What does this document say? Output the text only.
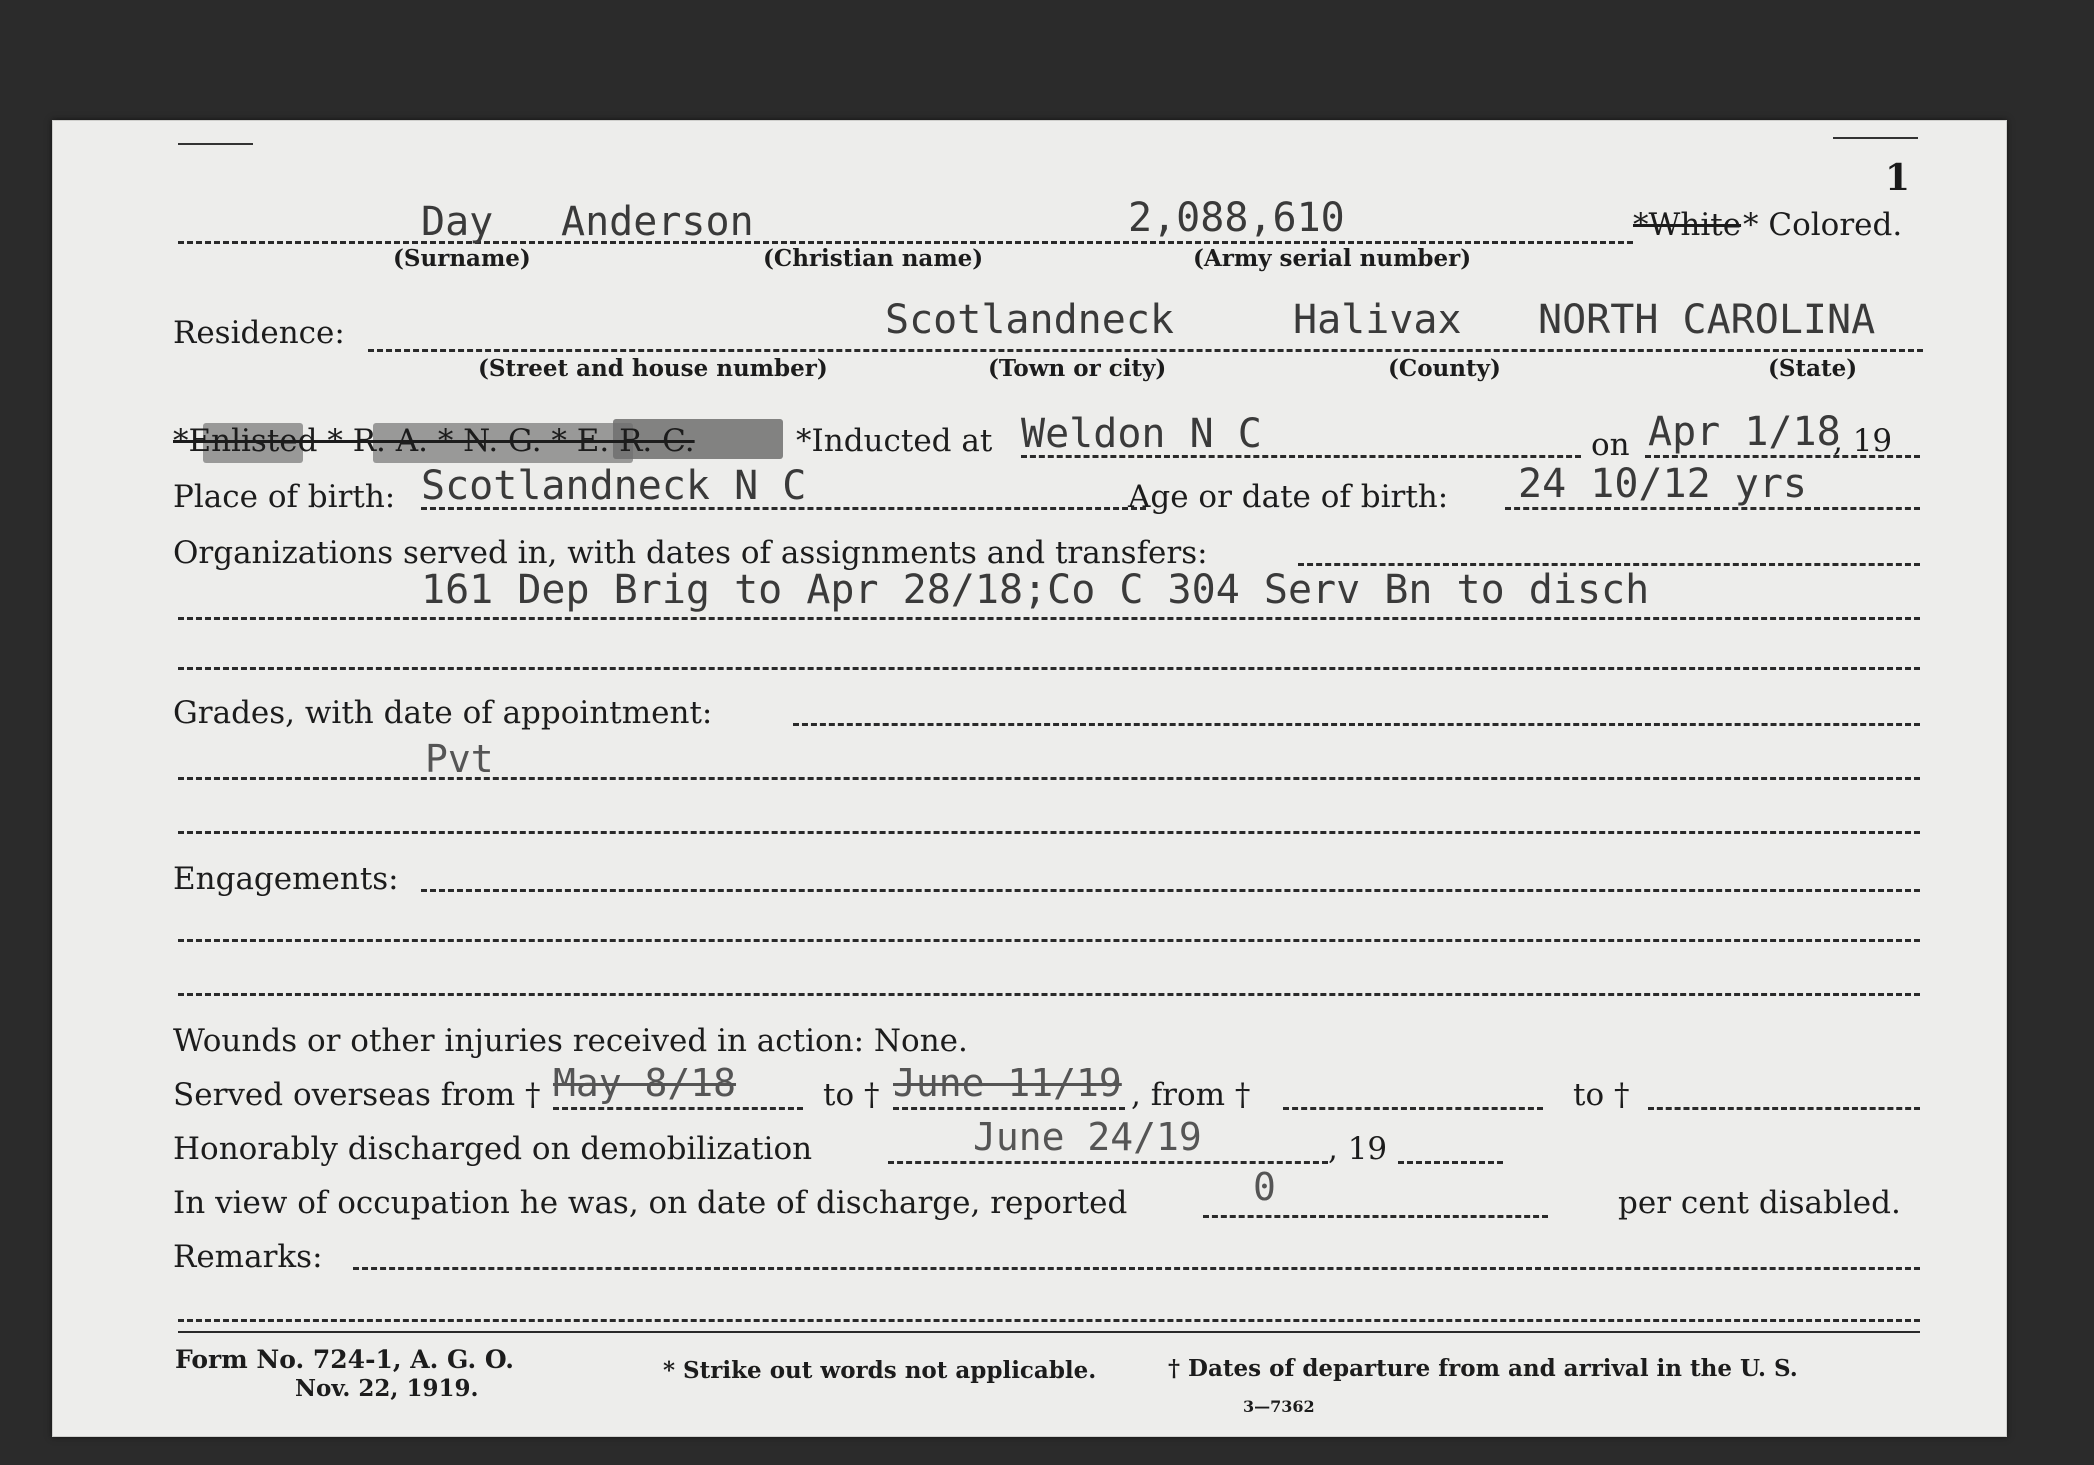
1
Day Anderson	2,088,610	*White * Colored.
(Surname)	(Christian name)	(Army serial number)
Residence:	Scotlandneck	Halivax NORTH CAROLINA
(Street and house number)	(Town or city)	(County)	(State)
*Enlisted * R. A. * N. G. * E. R. C.	*Inducted at Weldon N C	on Apr 1/18
, 19
Place of birth: Scotlandneck N C	Age or date of birth: 24 10/12 yrs
Organizations served in, with dates of assignments and transfers:
161 Dep Brig to Apr 28/18;Co C 304 Serv Bn to disch
Grades, with date of appointment:
Pvt
Engagements:
Wounds or other injuries received in action: None.
Served overseas from † May 8/18	to † June 11/19 , from †	to †
Honorably discharged on demobilization	June 24/19	, 19
In view of occupation he was, on date of discharge, reported	0	per cent disabled.
Remarks:
Form No. 724-1, A. G. O.
Nov. 22, 1919.
* Strike out words not applicable.	† Dates of departure from and arrival in the U. S.
3—7362
